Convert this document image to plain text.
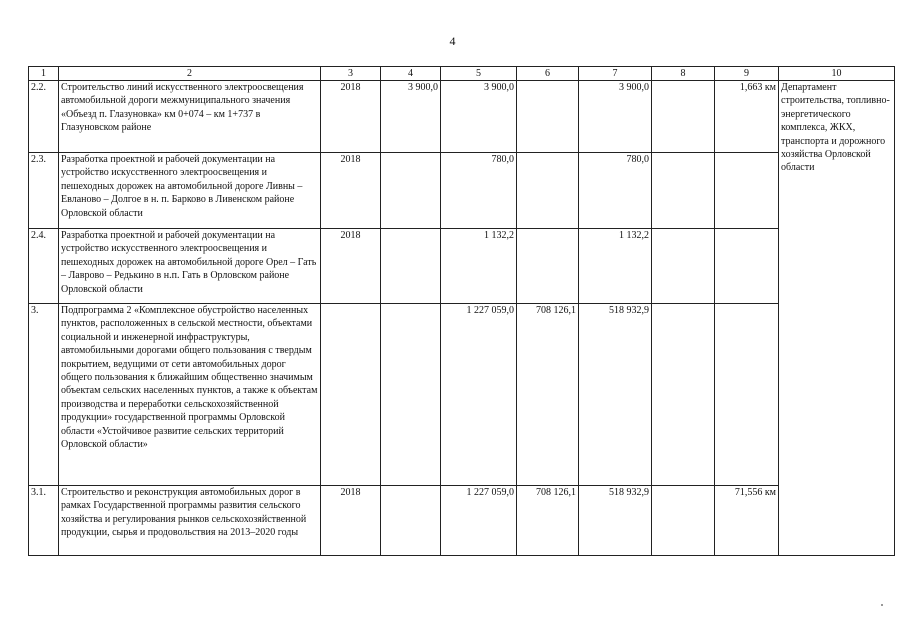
4
1	2	3	4	5	6	7	8	9	10
2.2.	Строительство линий искусственного электроосвещения автомобильной дороги межмуниципального значения «Объезд п. Глазуновка» км 0+074 – км 1+737 в Глазуновском районе	2018	3 900,0	3 900,0		3 900,0		1,663 км	Департамент строительства, топливно-энергетического комплекса, ЖКХ, транспорта и дорожного хозяйства Орловской области
2.3.	Разработка проектной и рабочей документации на устройство искусственного электроосвещения и пешеходных дорожек на автомобильной дороге Ливны – Евланово – Долгое в н. п. Барково в Ливенском районе Орловской области	2018		780,0		780,0			
2.4.	Разработка проектной и рабочей документации на устройство искусственного электроосвещения и пешеходных дорожек на автомобильной дороге Орел – Гать – Лаврово – Редькино в н.п. Гать в Орловском районе Орловской области	2018		1 132,2		1 132,2			
3.	Подпрограмма 2 «Комплексное обустройство населенных пунктов, расположенных в сельской местности, объектами социальной и инженерной инфраструктуры, автомобильными дорогами общего пользования с твердым покрытием, ведущими от сети автомобильных дорог общего пользования к ближайшим общественно значимым объектам сельских населенных пунктов, а также к объектам производства и переработки сельскохозяйственной продукции» государственной программы Орловской области «Устойчивое развитие сельских территорий Орловской области»			1 227 059,0	708 126,1	518 932,9			
3.1.	Строительство и реконструкция автомобильных дорог в рамках Государственной программы развития сельского хозяйства и регулирования рынков сельскохозяйственной продукции, сырья и продовольствия на 2013–2020 годы	2018		1 227 059,0	708 126,1	518 932,9		71,556 км	
